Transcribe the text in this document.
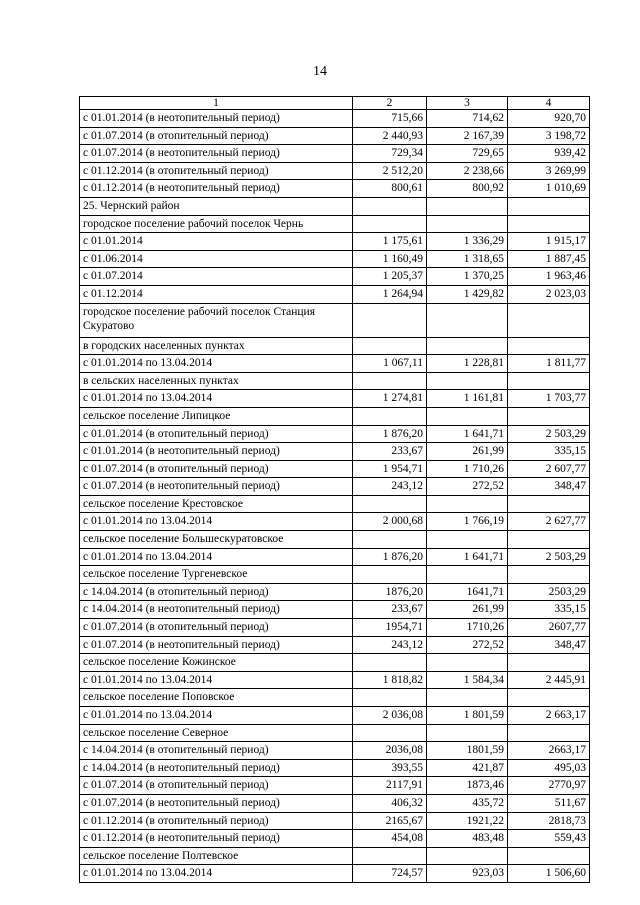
14
1	2	3	4
с 01.01.2014 (в неотопительный период)	715,66	714,62	920,70
с 01.07.2014 (в отопительный период)	2 440,93	2 167,39	3 198,72
с 01.07.2014 (в неотопительный период)	729,34	729,65	939,42
с 01.12.2014 (в отопительный период)	2 512,20	2 238,66	3 269,99
с 01.12.2014 (в неотопительный период)	800,61	800,92	1 010,69
25. Чернский район			
городское поселение рабочий поселок Чернь			
с 01.01.2014	1 175,61	1 336,29	1 915,17
с 01.06.2014	1 160,49	1 318,65	1 887,45
с 01.07.2014	1 205,37	1 370,25	1 963,46
с 01.12.2014	1 264,94	1 429,82	2 023,03
городское поселение рабочий поселок Станция Скуратово			
в городских населенных пунктах			
с 01.01.2014 по 13.04.2014	1 067,11	1 228,81	1 811,77
в сельских населенных пунктах			
с 01.01.2014 по 13.04.2014	1 274,81	1 161,81	1 703,77
сельское поселение Липицкое			
с 01.01.2014 (в отопительный период)	1 876,20	1 641,71	2 503,29
с 01.01.2014 (в неотопительный период)	233,67	261,99	335,15
с 01.07.2014 (в отопительный период)	1 954,71	1 710,26	2 607,77
с 01.07.2014 (в неотопительный период)	243,12	272,52	348,47
сельское поселение Крестовское			
с 01.01.2014 по 13.04.2014	2 000,68	1 766,19	2 627,77
сельское поселение Большескуратовское			
с 01.01.2014 по 13.04.2014	1 876,20	1 641,71	2 503,29
сельское поселение Тургеневское			
с 14.04.2014 (в отопительный период)	1876,20	1641,71	2503,29
с 14.04.2014 (в неотопительный период)	233,67	261,99	335,15
с 01.07.2014 (в отопительный период)	1954,71	1710,26	2607,77
с 01.07.2014 (в неотопительный период)	243,12	272,52	348,47
сельское поселение Кожинское			
с 01.01.2014 по 13.04.2014	1 818,82	1 584,34	2 445,91
сельское поселение Поповское			
с 01.01.2014 по 13.04.2014	2 036,08	1 801,59	2 663,17
сельское поселение Северное			
с 14.04.2014 (в отопительный период)	2036,08	1801,59	2663,17
с 14.04.2014 (в неотопительный период)	393,55	421,87	495,03
с 01.07.2014 (в отопительный период)	2117,91	1873,46	2770,97
с 01.07.2014 (в неотопительный период)	406,32	435,72	511,67
с 01.12.2014 (в отопительный период)	2165,67	1921,22	2818,73
с 01.12.2014 (в неотопительный период)	454,08	483,48	559,43
сельское поселение Полтевское			
с 01.01.2014 по 13.04.2014	724,57	923,03	1 506,60
